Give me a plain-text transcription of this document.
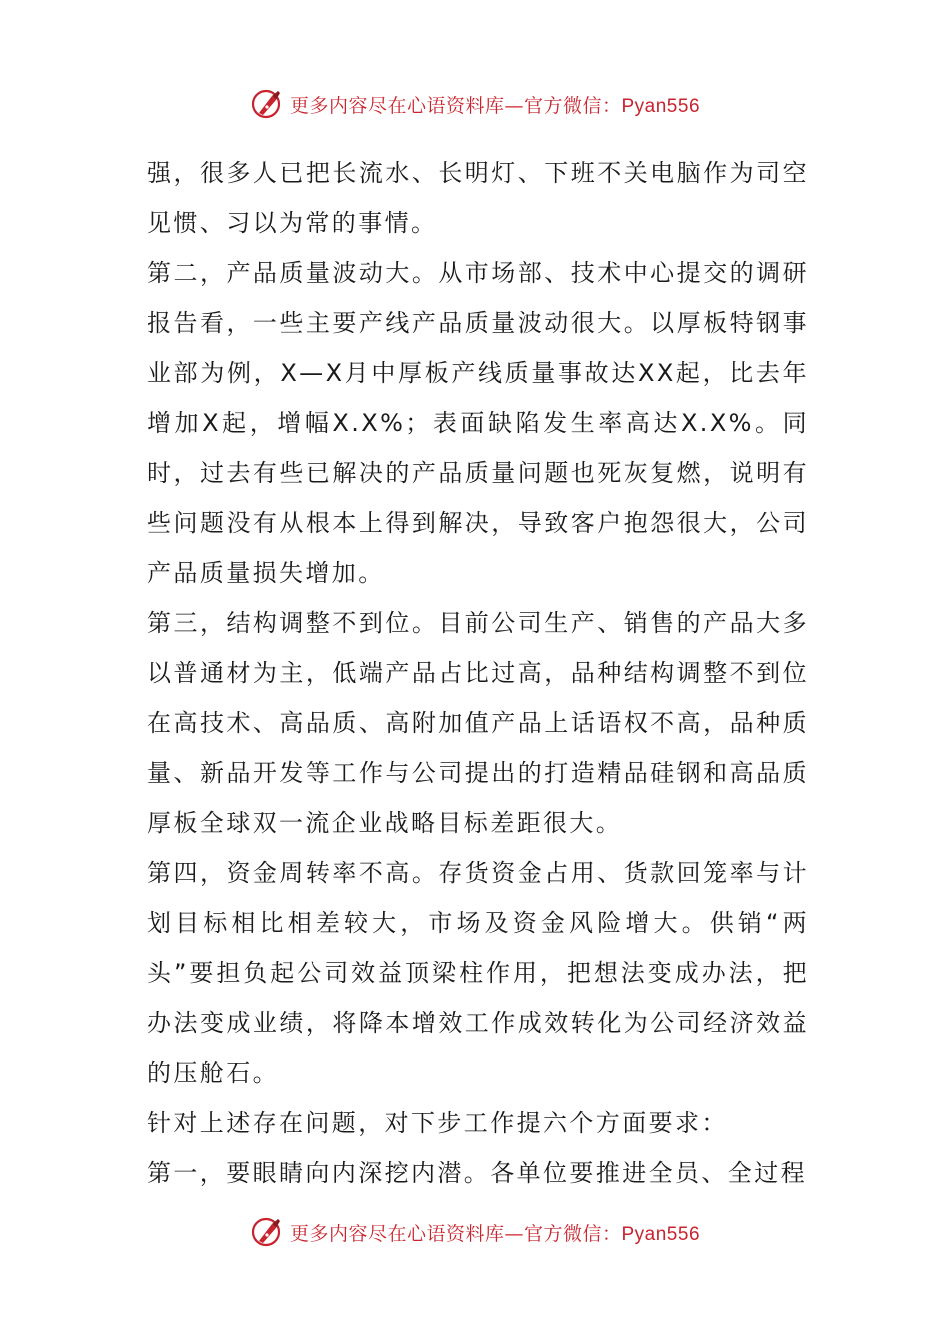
更多内容尽在心语资料库—官方微信：Pyan556

强，很多人已把长流水、长明灯、下班不关电脑作为司空见惯、习以为常的事情。

第二，产品质量波动大。从市场部、技术中心提交的调研报告看，一些主要产线产品质量波动很大。以厚板特钢事业部为例，X—X月中厚板产线质量事故达XX起，比去年增加X起，增幅X.X%；表面缺陷发生率高达X.X%。同时，过去有些已解决的产品质量问题也死灰复燃，说明有些问题没有从根本上得到解决，导致客户抱怨很大，公司产品质量损失增加。

第三，结构调整不到位。目前公司生产、销售的产品大多以普通材为主，低端产品占比过高，品种结构调整不到位在高技术、高品质、高附加值产品上话语权不高，品种质量、新品开发等工作与公司提出的打造精品硅钢和高品质厚板全球双一流企业战略目标差距很大。

第四，资金周转率不高。存货资金占用、货款回笼率与计划目标相比相差较大，市场及资金风险增大。供销“两头”要担负起公司效益顶梁柱作用，把想法变成办法，把办法变成业绩，将降本增效工作成效转化为公司经济效益的压舱石。

针对上述存在问题，对下步工作提六个方面要求：

第一，要眼睛向内深挖内潜。各单位要推进全员、全过程

更多内容尽在心语资料库—官方微信：Pyan556
